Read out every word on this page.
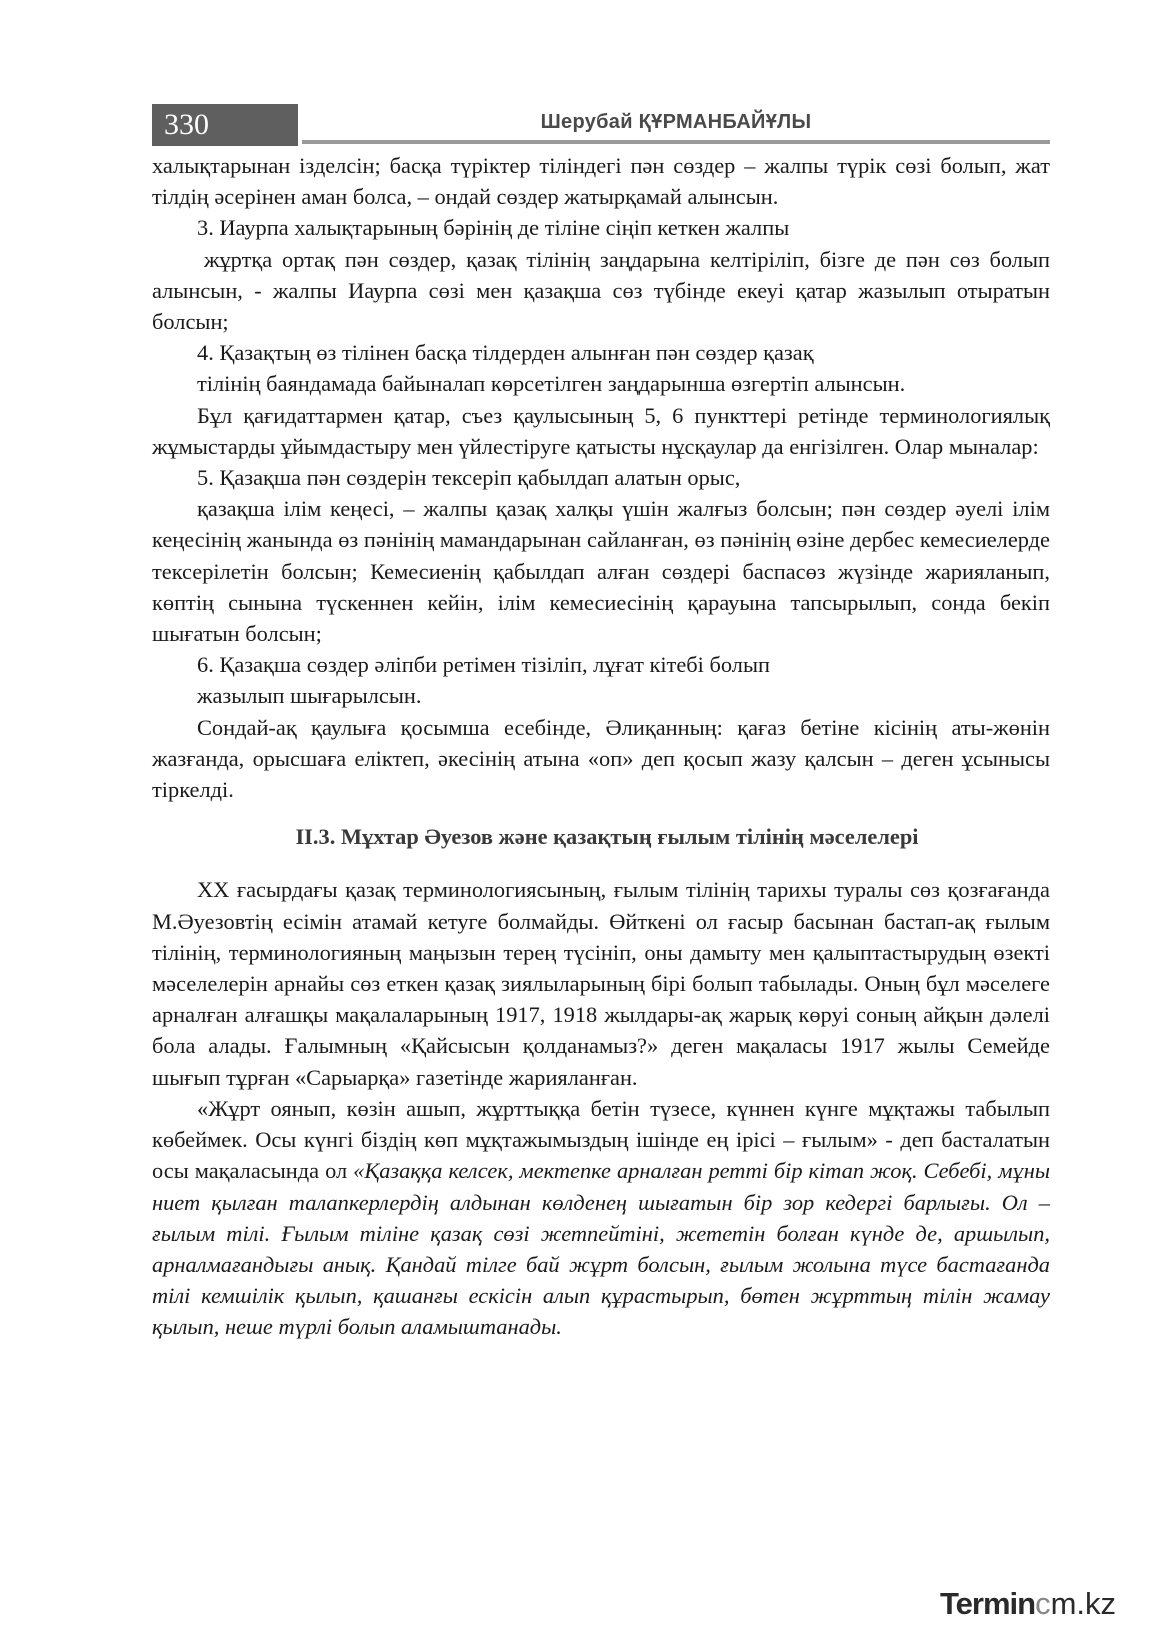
330	Шерубай ҚҰРМАНБАЙҰЛЫ

халықтарынан ізделсін; басқа түріктер тіліндегі пән сөздер – жалпы түрік сөзі болып, жат тілдің әсерінен аман болса, – ондай сөздер жатырқамай алынсын.

3. Иаурпа халықтарының бәрінің де тіліне сіңіп кеткен жалпы

жұртқа ортақ пән сөздер, қазақ тілінің заңдарына келтіріліп, бізге де пән сөз болып алынсын, - жалпы Иаурпа сөзі мен қазақша сөз түбінде екеуі қатар жазылып отыратын болсын;

4. Қазақтың өз тілінен басқа тілдерден алынған пән сөздер қазақ

тілінің баяндамада байыналап көрсетілген заңдарынша өзгертіп алынсын.

Бұл қағидаттармен қатар, съез қаулысының 5, 6 пункттері ретінде терминологиялық жұмыстарды ұйымдастыру мен үйлестіруге қатысты нұсқаулар да енгізілген. Олар мыналар:

5. Қазақша пән сөздерін тексеріп қабылдап алатын орыс,

қазақша ілім кеңесі, – жалпы қазақ халқы үшін жалғыз болсын; пән сөздер әуелі ілім кеңесінің жанында өз пәнінің мамандарынан сайланған, өз пәнінің өзіне дербес кемесиелерде тексерілетін болсын; Кемесиенің қабылдап алған сөздері баспасөз жүзінде жарияланып, көптің сынына түскеннен кейін, ілім кемесиесінің қарауына тапсырылып, сонда бекіп шығатын болсын;

6. Қазақша сөздер әліпби ретімен тізіліп, лұғат кітебі болып

жазылып шығарылсын.

Сондай-ақ қаулыға қосымша есебінде, Әлиқанның: қағаз бетіне кісінің аты-жөнін жазғанда, орысшаға еліктеп, әкесінің атына «оп» деп қосып жазу қалсын – деген ұсынысы тіркелді.

II.3. Мұхтар Әуезов және қазақтың ғылым тілінің мәселелері

ХХ ғасырдағы қазақ терминологиясының, ғылым тілінің тарихы туралы сөз қозғағанда М.Әуезовтің есімін атамай кетуге болмайды. Өйткені ол ғасыр басынан бастап-ақ ғылым тілінің, терминологияның маңызын терең түсініп, оны дамыту мен қалыптастырудың өзекті мәселелерін арнайы сөз еткен қазақ зиялыларының бірі болып табылады. Оның бұл мәселеге арналған алғашқы мақалаларының 1917, 1918 жылдары-ақ жарық көруі соның айқын дәлелі бола алады. Ғалымның «Қайсысын қолданамыз?» деген мақаласы 1917 жылы Семейде шығып тұрған «Сарыарқа» газетінде жарияланған.

«Жұрт оянып, көзін ашып, жұрттыққа бетін түзесе, күннен күнге мұқтажы табылып көбеймек. Осы күнгі біздің көп мұқтажымыздың ішінде ең ірісі – ғылым» - деп басталатын осы мақаласында ол «Қазаққа келсек, мектепке арналған ретті бір кітап жоқ. Себебі, мұны ниет қылған талапкерлердің алдынан көлденең шығатын бір зор кедергі барлығы. Ол – ғылым тілі. Ғылым тіліне қазақ сөзі жетпейтіні, жететін болған күнде де, аршылып, арналмағандығы анық. Қандай тілге бай жұрт болсын, ғылым жолына түсе бастағанда тілі кемшілік қылып, қашанғы ескісін алып құрастырып, бөтен жұрттың тілін жамау қылып, неше түрлі болып аламыштанады.

Termincm.kz
